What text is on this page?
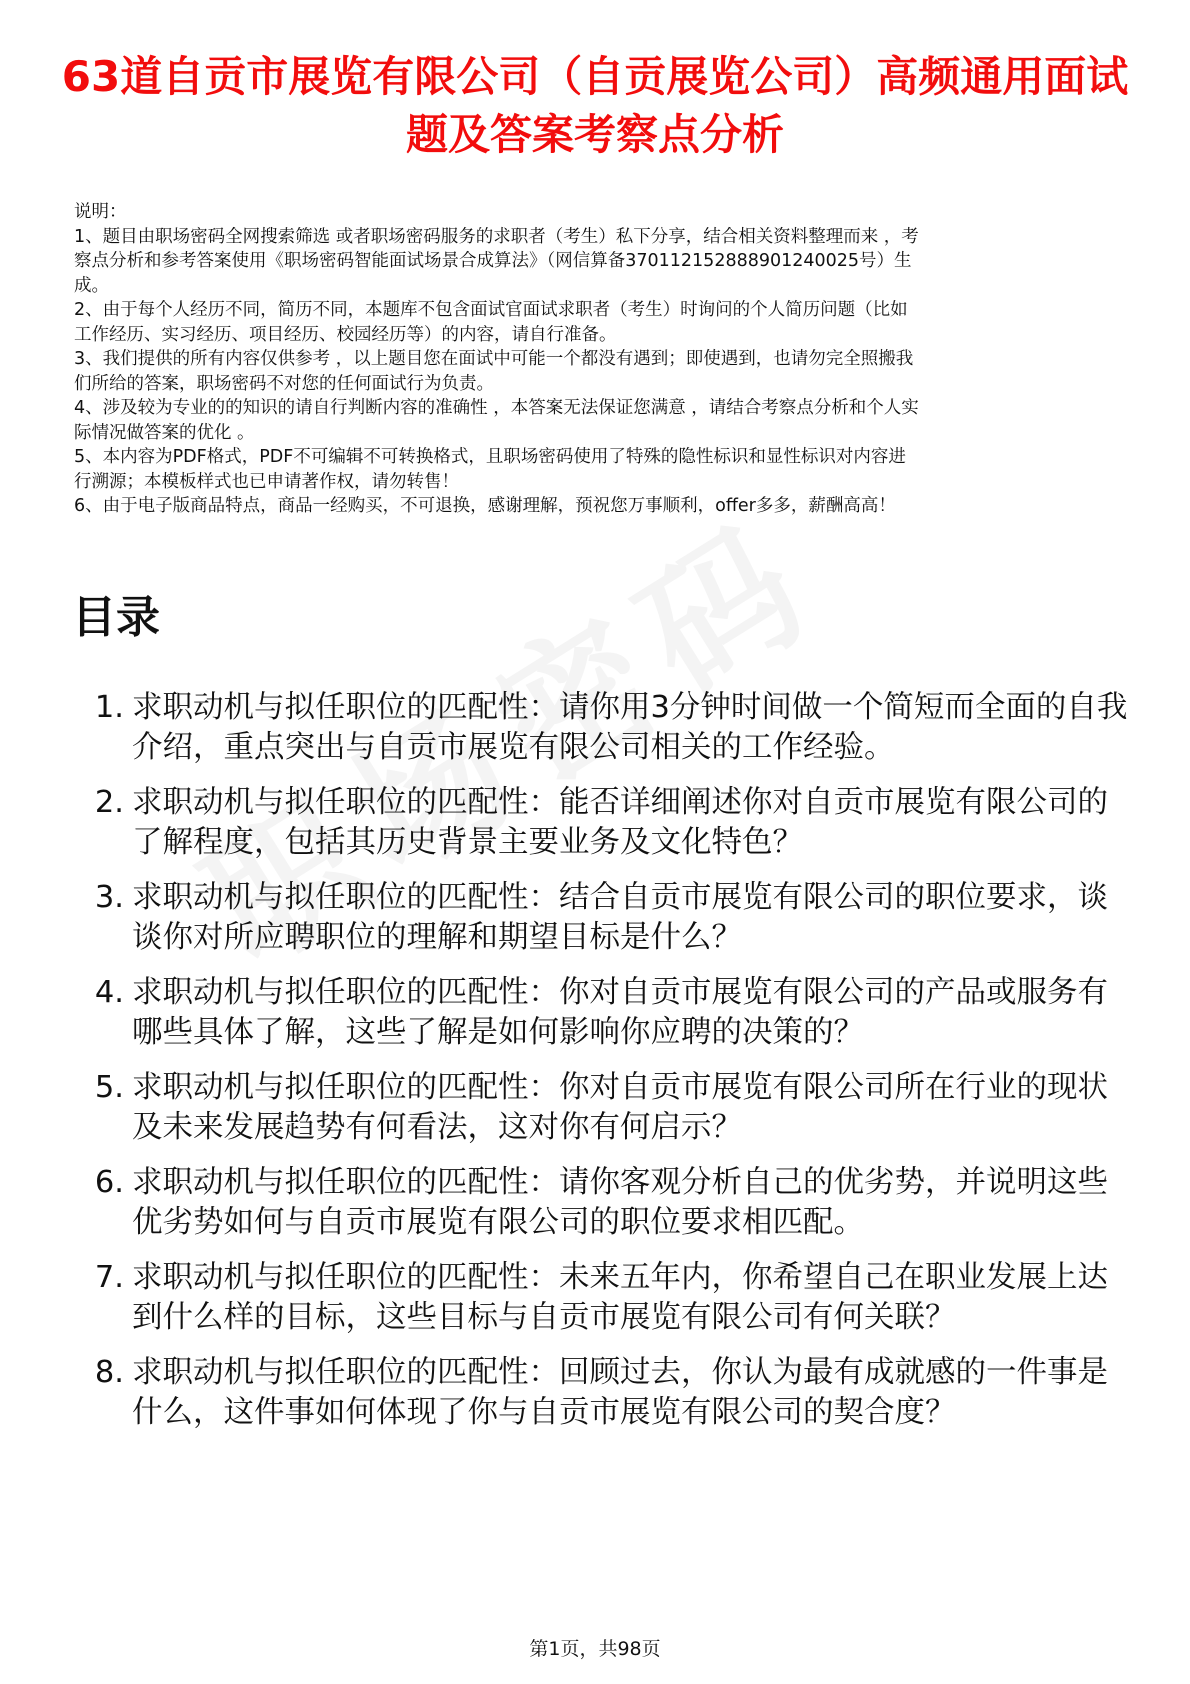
63道自贡市展览有限公司（自贡展览公司）高频通用面试题及答案考察点分析

说明：

1、题目由职场密码全网搜索筛选 或者职场密码服务的求职者（考生）私下分享，结合相关资料整理而来 ，考

察点分析和参考答案使用《职场密码智能面试场景合成算法》（网信算备370112152888901240025号）生

成。

2、由于每个人经历不同，简历不同，本题库不包含面试官面试求职者（考生）时询问的个人简历问题（比如

工作经历、实习经历、项目经历、校园经历等）的内容，请自行准备。

3、我们提供的所有内容仅供参考 ，以上题目您在面试中可能一个都没有遇到；即使遇到，也请勿完全照搬我

们所给的答案，职场密码不对您的任何面试行为负责。

4、涉及较为专业的的知识的请自行判断内容的准确性 ，本答案无法保证您满意 ，请结合考察点分析和个人实

际情况做答案的优化 。

5、本内容为PDF格式，PDF不可编辑不可转换格式，且职场密码使用了特殊的隐性标识和显性标识对内容进

行溯源；本模板样式也已申请著作权，请勿转售！

6、由于电子版商品特点，商品一经购买，不可退换，感谢理解，预祝您万事顺利，offer多多，薪酬高高！

目录
1. 求职动机与拟任职位的匹配性：请你用3分钟时间做一个简短而全面的自我介绍，重点突出与自贡市展览有限公司相关的工作经验。
2. 求职动机与拟任职位的匹配性：能否详细阐述你对自贡市展览有限公司的了解程度，包括其历史背景主要业务及文化特色？
3. 求职动机与拟任职位的匹配性：结合自贡市展览有限公司的职位要求，谈谈你对所应聘职位的理解和期望目标是什么？
4. 求职动机与拟任职位的匹配性：你对自贡市展览有限公司的产品或服务有哪些具体了解，这些了解是如何影响你应聘的决策的？
5. 求职动机与拟任职位的匹配性：你对自贡市展览有限公司所在行业的现状及未来发展趋势有何看法，这对你有何启示？
6. 求职动机与拟任职位的匹配性：请你客观分析自己的优劣势，并说明这些优劣势如何与自贡市展览有限公司的职位要求相匹配。
7. 求职动机与拟任职位的匹配性：未来五年内，你希望自己在职业发展上达到什么样的目标，这些目标与自贡市展览有限公司有何关联？
8. 求职动机与拟任职位的匹配性：回顾过去，你认为最有成就感的一件事是什么，这件事如何体现了你与自贡市展览有限公司的契合度？
第1页，共98页
